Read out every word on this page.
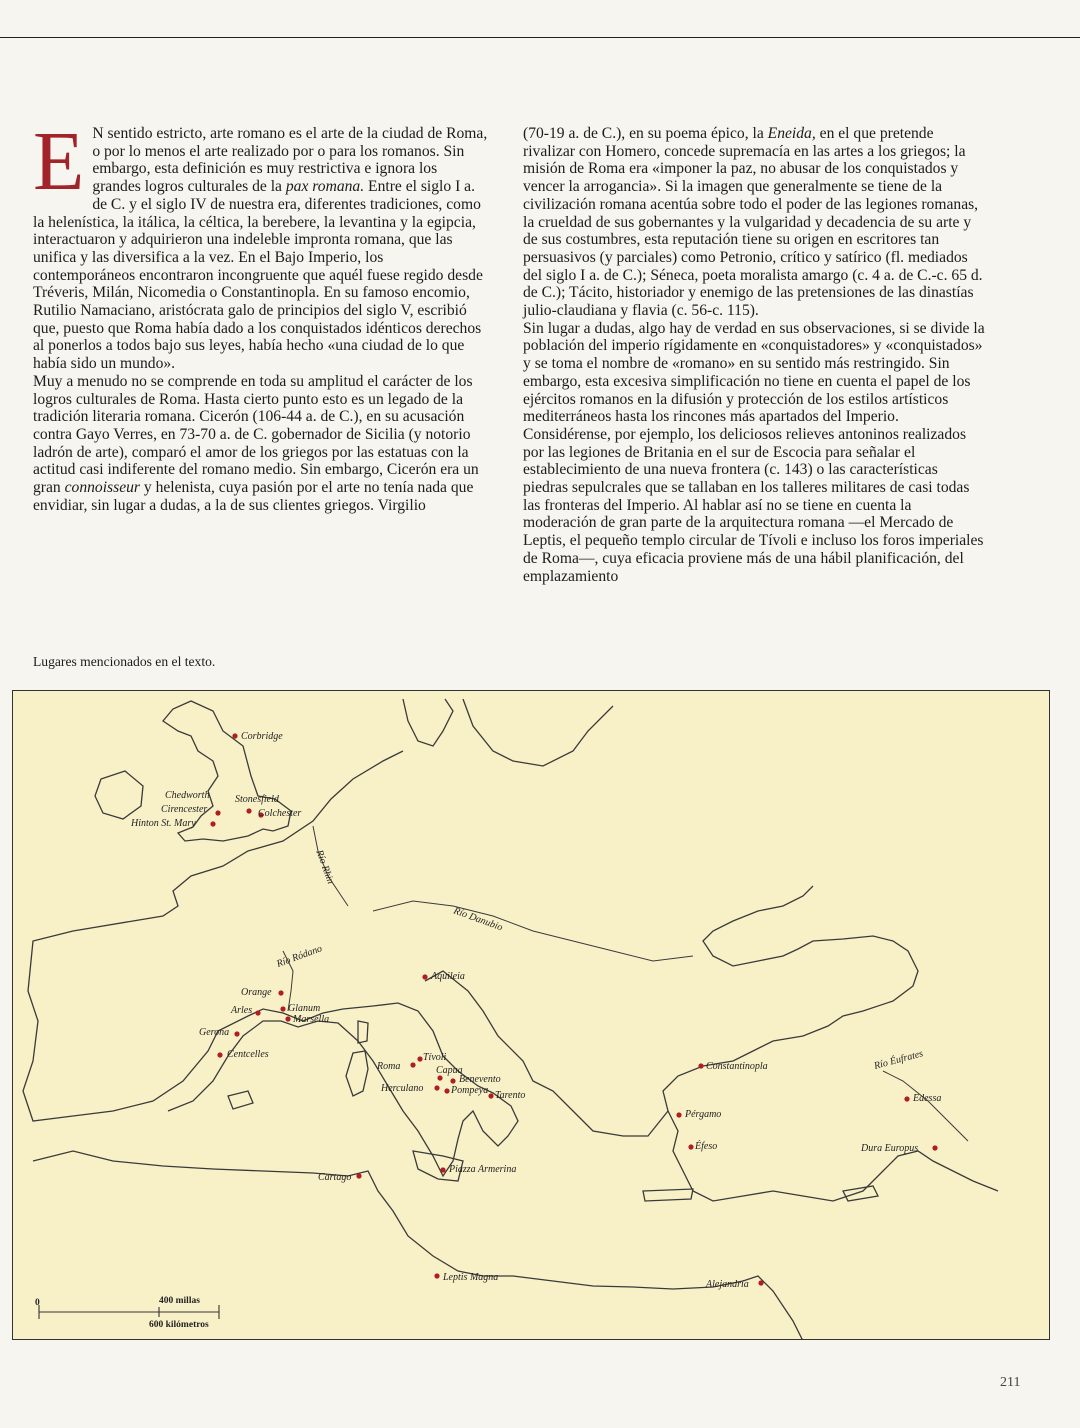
E N sentido estricto, arte romano es el arte de la ciudad de Roma, o por lo menos el arte realizado por o para los romanos. Sin embargo, esta definición es muy restrictiva e ignora los grandes logros culturales de la pax romana. Entre el siglo I a. de C. y el siglo IV de nuestra era, diferentes tradiciones, como la helenística, la itálica, la céltica, la berebere, la levantina y la egipcia, interactuaron y adquirieron una indeleble impronta romana, que las unifica y las diversifica a la vez. En el Bajo Imperio, los contemporáneos encontraron incongruente que aquél fuese regido desde Tréveris, Milán, Nicomedia o Constantinopla. En su famoso encomio, Rutilio Namaciano, aristócrata galo de principios del siglo V, escribió que, puesto que Roma había dado a los conquistados idénticos derechos al ponerlos a todos bajo sus leyes, había hecho «una ciudad de lo que había sido un mundo».

Muy a menudo no se comprende en toda su amplitud el carácter de los logros culturales de Roma. Hasta cierto punto esto es un legado de la tradición literaria romana. Cicerón (106-44 a. de C.), en su acusación contra Gayo Verres, en 73-70 a. de C. gobernador de Sicilia (y notorio ladrón de arte), comparó el amor de los griegos por las estatuas con la actitud casi indiferente del romano medio. Sin embargo, Cicerón era un gran connoisseur y helenista, cuya pasión por el arte no tenía nada que envidiar, sin lugar a dudas, a la de sus clientes griegos. Virgilio

(70-19 a. de C.), en su poema épico, la Eneida, en el que pretende rivalizar con Homero, concede supremacía en las artes a los griegos; la misión de Roma era «imponer la paz, no abusar de los conquistados y vencer la arrogancia». Si la imagen que generalmente se tiene de la civilización romana acentúa sobre todo el poder de las legiones romanas, la crueldad de sus gobernantes y la vulgaridad y decadencia de su arte y de sus costumbres, esta reputación tiene su origen en escritores tan persuasivos (y parciales) como Petronio, crítico y satírico (fl. mediados del siglo I a. de C.); Séneca, poeta moralista amargo (c. 4 a. de C.-c. 65 d. de C.); Tácito, historiador y enemigo de las pretensiones de las dinastías julio-claudiana y flavia (c. 56-c. 115).

Sin lugar a dudas, algo hay de verdad en sus observaciones, si se divide la población del imperio rígidamente en «conquistadores» y «conquistados» y se toma el nombre de «romano» en su sentido más restringido. Sin embargo, esta excesiva simplificación no tiene en cuenta el papel de los ejércitos romanos en la difusión y protección de los estilos artísticos mediterráneos hasta los rincones más apartados del Imperio. Considérense, por ejemplo, los deliciosos relieves antoninos realizados por las legiones de Britania en el sur de Escocia para señalar el establecimiento de una nueva frontera (c. 143) o las características piedras sepulcrales que se tallaban en los talleres militares de casi todas las fronteras del Imperio. Al hablar así no se tiene en cuenta la moderación de gran parte de la arquitectura romana —el Mercado de Leptis, el pequeño templo circular de Tívoli e incluso los foros imperiales de Roma—, cuya eficacia proviene más de una hábil planificación, del emplazamiento

Lugares mencionados en el texto.
Río Rhin
Río Danubio
Río Ródano
Río Éufrates
Corbridge
Chedworth
Cirencester
Stonesfield
Colchester
Hinton St. Mary
Aquileia
Orange
Arles	Glanum
Marsella
Gerona
Centcelles
Roma
Tívoli
Capua
Benevento
Herculano	Pompeya Tarento
Constantinopla
Pérgamo
Éfeso
Edessa
Dura Europus
Piazza Armerina
Cartago
Leptis Magna
Alejandría
0	400 millas
600 kilómetros
211
